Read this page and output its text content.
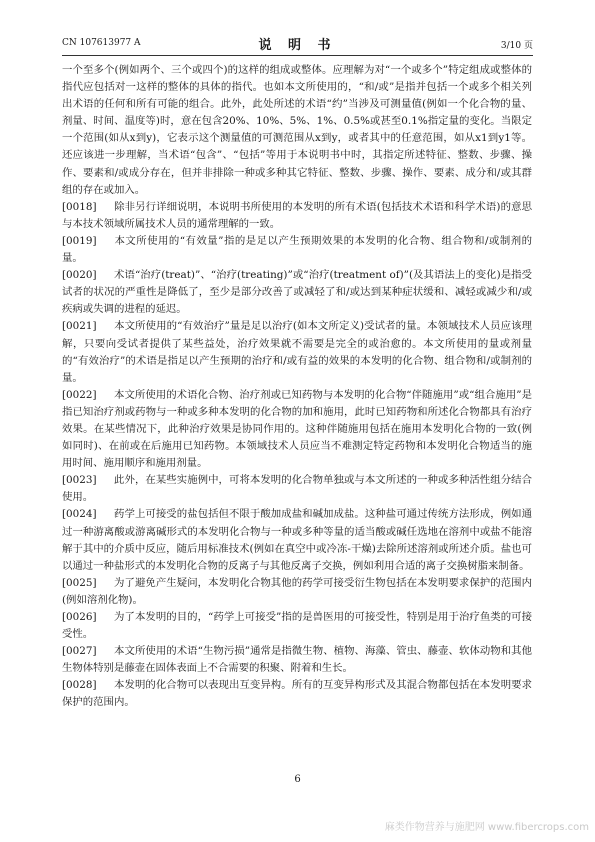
CN 107613977 A	说 明 书	3/10 页

一个至多个(例如两个、三个或四个)的这样的组成或整体。应理解为对“一个或多个”特定组成或整体的指代应包括对一这样的整体的具体的指代。也如本文所使用的，“和/或”是指并包括一个或多个相关列出术语的任何和所有可能的组合。此外，此处所述的术语“约”当涉及可测量值(例如一个化合物的量、剂量、时间、温度等)时，意在包含20%、10%、5%、1%、0.5%或甚至0.1%指定量的变化。当限定一个范围(如从x到y)，它表示这个测量值的可测范围从x到y，或者其中的任意范围，如从x1到y1等。还应该进一步理解，当术语“包含”、“包括”等用于本说明书中时，其指定所述特征、整数、步骤、操作、要素和/或成分存在，但并非排除一种或多种其它特征、整数、步骤、操作、要素、成分和/或其群组的存在或加入。

[0018] 除非另行详细说明，本说明书所使用的本发明的所有术语(包括技术术语和科学术语)的意思与本技术领域所属技术人员的通常理解的一致。

[0019] 本文所使用的“有效量”指的是足以产生预期效果的本发明的化合物、组合物和/或制剂的量。

[0020] 术语“治疗(treat)”、“治疗(treating)”或“治疗(treatment of)”(及其语法上的变化)是指受试者的状况的严重性是降低了，至少是部分改善了或减轻了和/或达到某种症状缓和、减轻或减少和/或疾病或失调的进程的延迟。

[0021] 本文所使用的“有效治疗”量是足以治疗(如本文所定义)受试者的量。本领域技术人员应该理解，只要向受试者提供了某些益处，治疗效果就不需要是完全的或治愈的。本文所使用的量或剂量的“有效治疗”的术语是指足以产生预期的治疗和/或有益的效果的本发明的化合物、组合物和/或制剂的量。

[0022] 本文所使用的术语化合物、治疗剂或已知药物与本发明的化合物“伴随施用”或“组合施用”是指已知治疗剂或药物与一种或多种本发明的化合物的加和施用，此时已知药物和所述化合物都具有治疗效果。在某些情况下，此种治疗效果是协同作用的。这种伴随施用包括在施用本发明化合物的一致(例如同时)、在前或在后施用已知药物。本领域技术人员应当不难测定特定药物和本发明化合物适当的施用时间、施用顺序和施用剂量。

[0023] 此外，在某些实施例中，可将本发明的化合物单独或与本文所述的一种或多种活性组分结合使用。

[0024] 药学上可接受的盐包括但不限于酸加成盐和碱加成盐。这种盐可通过传统方法形成，例如通过一种游离酸或游离碱形式的本发明化合物与一种或多种等量的适当酸或碱任选地在溶剂中或盐不能溶解于其中的介质中反应，随后用标准技术(例如在真空中或冷冻-干燥)去除所述溶剂或所述介质。盐也可以通过一种盐形式的本发明化合物的反离子与其他反离子交换，例如利用合适的离子交换树脂来制备。

[0025] 为了避免产生疑问，本发明化合物其他的药学可接受衍生物包括在本发明要求保护的范围内(例如溶剂化物)。

[0026] 为了本发明的目的，“药学上可接受”指的是兽医用的可接受性，特别是用于治疗鱼类的可接受性。

[0027] 本文所使用的术语“生物污损”通常是指微生物、植物、海藻、管虫、藤壶、软体动物和其他生物体特别是藤壶在固体表面上不合需要的积聚、附着和生长。

[0028] 本发明的化合物可以表现出互变异构。所有的互变异构形式及其混合物都包括在本发明要求保护的范围内。

6
麻类作物营养与施肥网 www.fibercrops.com
